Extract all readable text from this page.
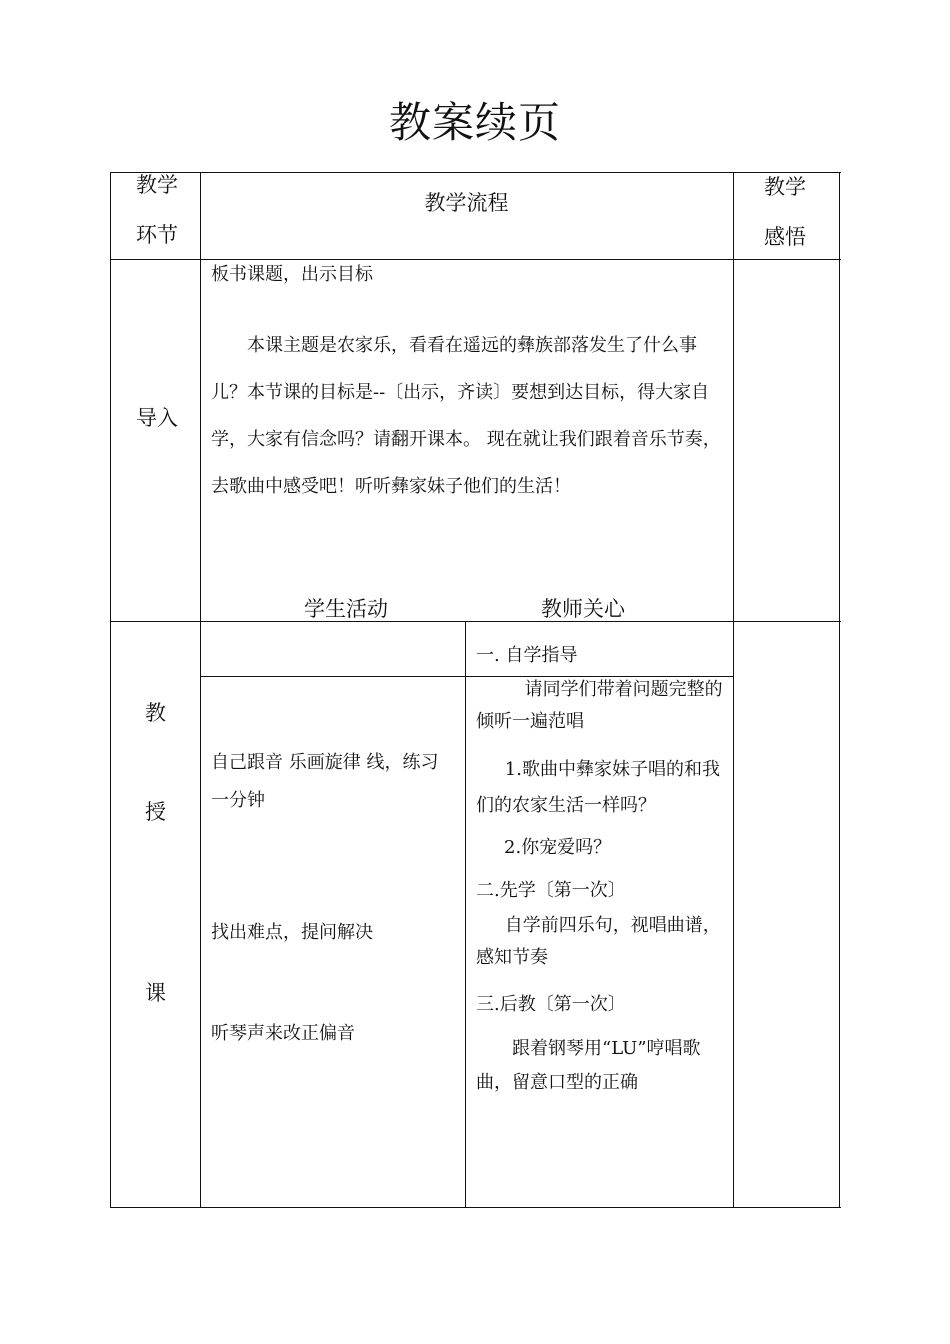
教案续页
教学
环节
教学流程
教学
感悟
导入
板书课题，出示目标
本课主题是农家乐，看看在遥远的彝族部落发生了什么事儿？本节课的目标是--〔出示，齐读〕要想到达目标，得大家自学，大家有信念吗？请翻开课本。 现在就让我们跟着音乐节奏，去歌曲中感受吧！听听彝家妹子他们的生活！
学生活动	教师关心
教
授
课
自己跟音 乐画旋律 线，练习一分钟
找出难点，提问解决
听琴声来改正偏音
一. 自学指导
请同学们带着问题完整的倾听一遍范唱
1.歌曲中彝家妹子唱的和我们的农家生活一样吗？
2.你宠爱吗？
二.先学〔第一次〕
自学前四乐句，视唱曲谱，感知节奏
三.后教〔第一次〕
跟着钢琴用“LU”哼唱歌曲，留意口型的正确
